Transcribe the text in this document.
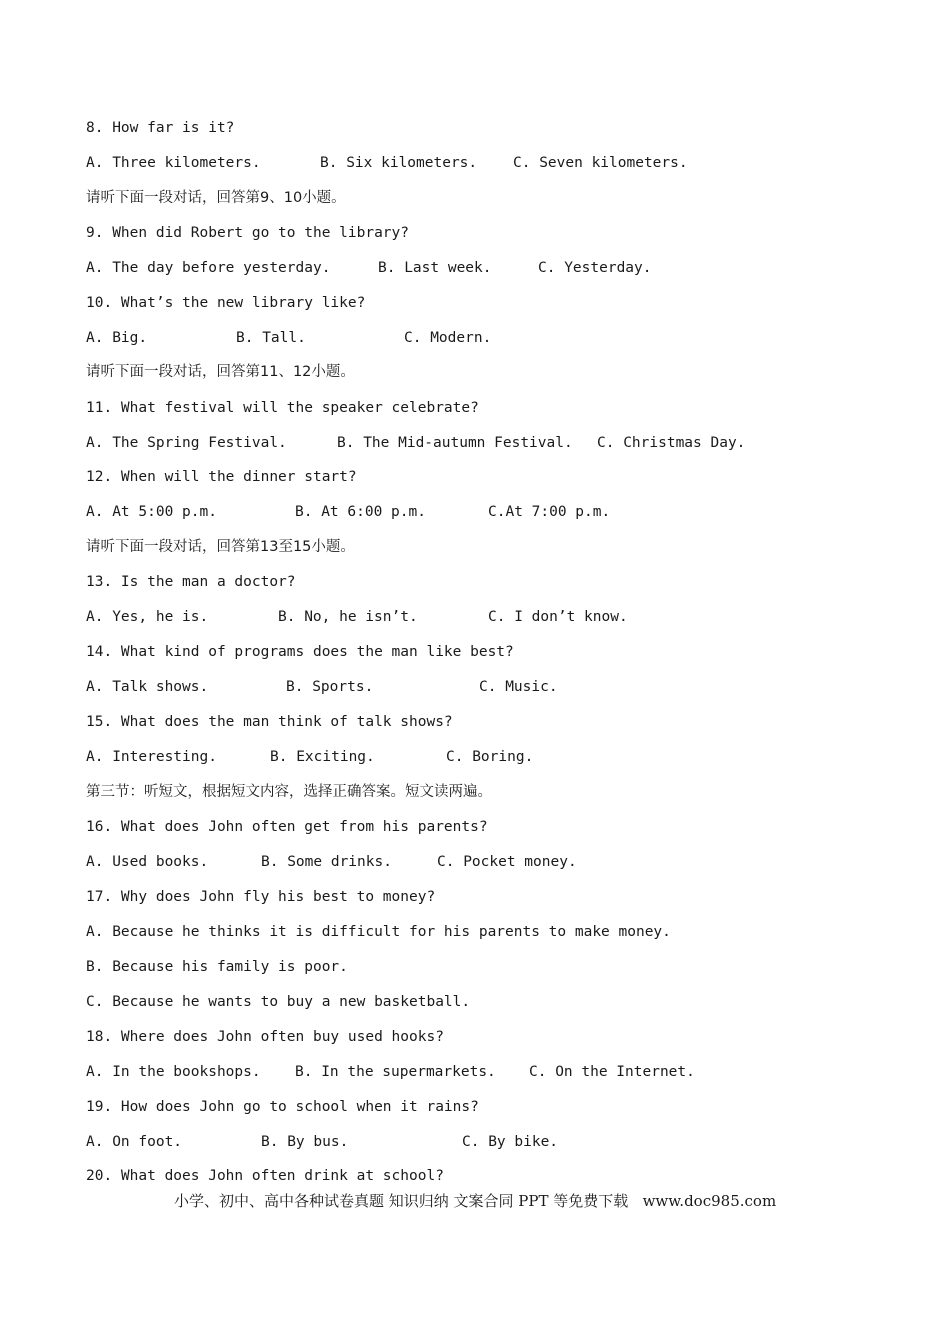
8. How far is it?
A. Three kilometers.	B. Six kilometers. C. Seven kilometers.
请听下面一段对话，回答第9、10小题。
9. When did Robert go to the library?
A. The day before yesterday.	B. Last week.	C. Yesterday.
10. What’s the new library like?
A. Big.	B. Tall.	C. Modern.
请听下面一段对话，回答第11、12小题。
11. What festival will the speaker celebrate?
A. The Spring Festival.	B. The Mid-autumn Festival. C. Christmas Day.
12. When will the dinner start?
A. At 5:00 p.m.	B. At 6:00 p.m.	C.At 7:00 p.m.
请听下面一段对话，回答第13至15小题。
13. Is the man a doctor?
A. Yes, he is.	B. No, he isn’t.	C. I don’t know.
14. What kind of programs does the man like best?
A. Talk shows.	B. Sports.	C. Music.
15. What does the man think of talk shows?
A. Interesting.	B. Exciting.	C. Boring.
第三节：听短文，根据短文内容，选择正确答案。短文读两遍。
16. What does John often get from his parents?
A. Used books.	B. Some drinks.	C. Pocket money.
17. Why does John fly his best to money?
A. Because he thinks it is difficult for his parents to make money.
B. Because his family is poor.
C. Because he wants to buy a new basketball.
18. Where does John often buy used hooks?
A. In the bookshops. B. In the supermarkets. C. On the Internet.
19. How does John go to school when it rains?
A. On foot.	B. By bus.	C. By bike.
20. What does John often drink at school?
小学、初中、高中各种试卷真题 知识归纳 文案合同 PPT 等免费下载   www.doc985.com
